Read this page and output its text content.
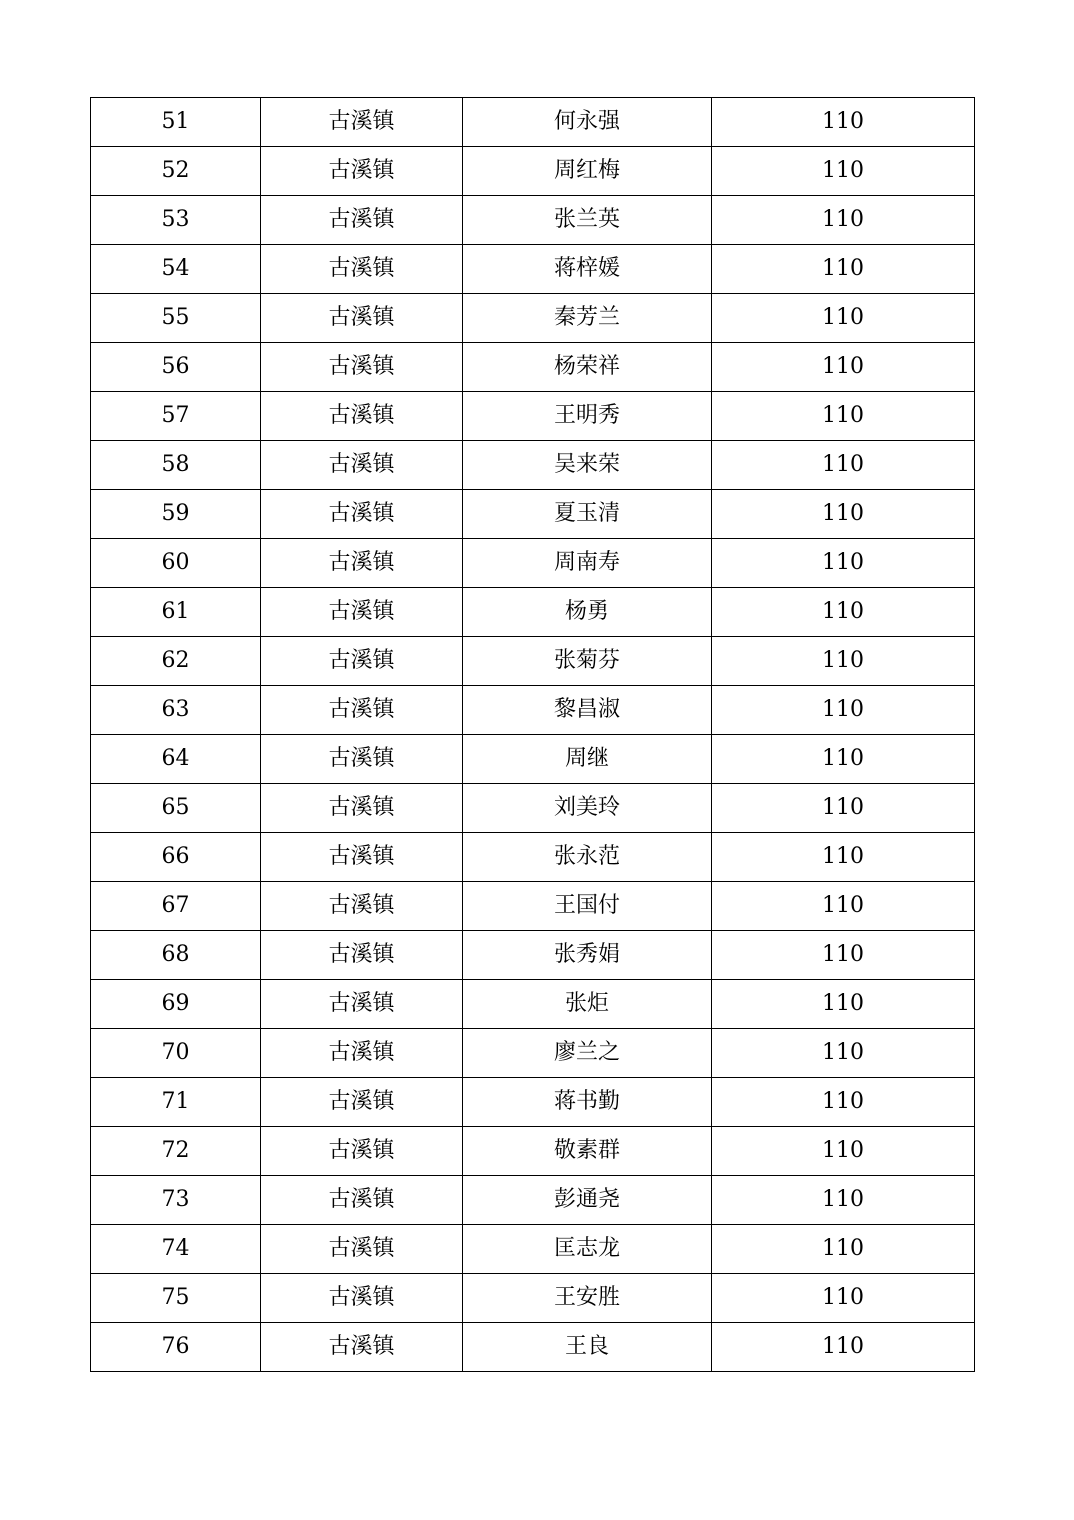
51	古溪镇	何永强	110
52	古溪镇	周红梅	110
53	古溪镇	张兰英	110
54	古溪镇	蒋梓媛	110
55	古溪镇	秦芳兰	110
56	古溪镇	杨荣祥	110
57	古溪镇	王明秀	110
58	古溪镇	吴来荣	110
59	古溪镇	夏玉清	110
60	古溪镇	周南寿	110
61	古溪镇	杨勇	110
62	古溪镇	张菊芬	110
63	古溪镇	黎昌淑	110
64	古溪镇	周继	110
65	古溪镇	刘美玲	110
66	古溪镇	张永范	110
67	古溪镇	王国付	110
68	古溪镇	张秀娟	110
69	古溪镇	张炬	110
70	古溪镇	廖兰之	110
71	古溪镇	蒋书勤	110
72	古溪镇	敬素群	110
73	古溪镇	彭通尧	110
74	古溪镇	匡志龙	110
75	古溪镇	王安胜	110
76	古溪镇	王良	110
